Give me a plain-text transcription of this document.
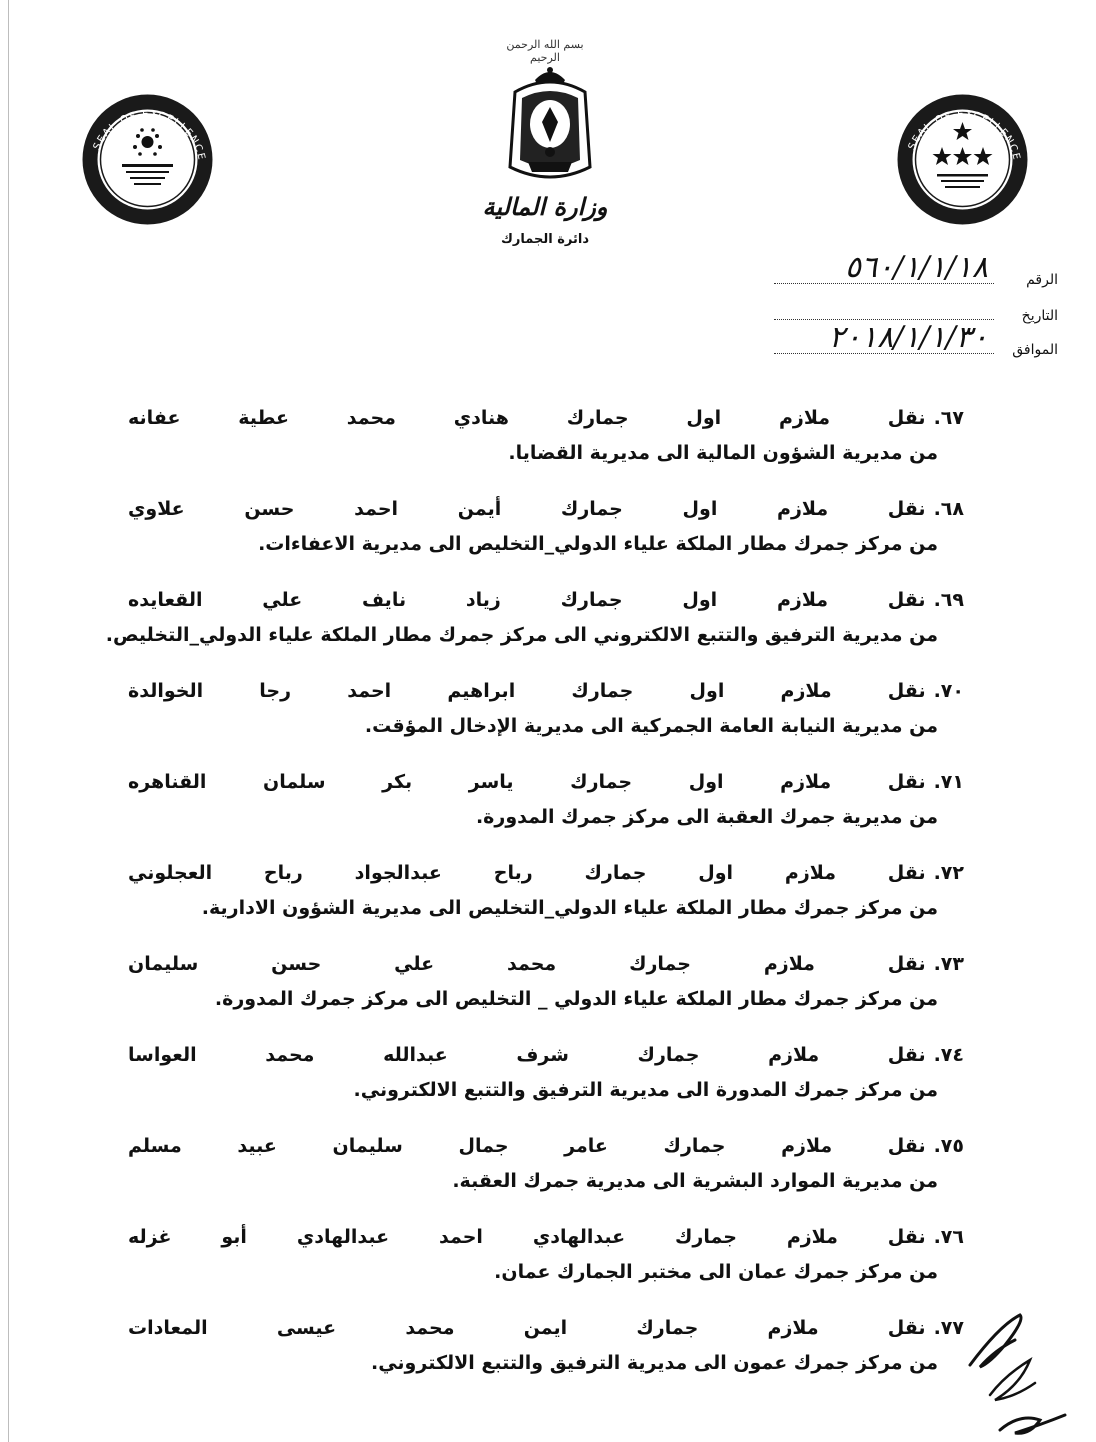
SEAL OF EXCELLENCE
SEAL OF EXCELLENCE
بسم الله الرحمن الرحيم
وزارة المالية
دائرة الجمارك
الرقم
٥٦٠/١/١/١٨
التاريخ
الموافق
٢٠١٨/١/١/٣٠
٦٧.
نقل ملازم اول جمارك هنادي محمد عطية عفانه
من مديرية الشؤون المالية الى مديرية القضايا.
٦٨.
نقل ملازم اول جمارك أيمن احمد حسن علاوي
من مركز جمرك مطار الملكة علياء الدولي_التخليص الى مديرية الاعفاءات.
٦٩.
نقل ملازم اول جمارك زياد نايف علي القعايده
من مديرية الترفيق والتتبع الالكتروني الى مركز جمرك مطار الملكة علياء الدولي_التخليص.
٧٠.
نقل ملازم اول جمارك ابراهيم احمد رجا الخوالدة
من مديرية النيابة العامة الجمركية الى مديرية الإدخال المؤقت.
٧١.
نقل ملازم اول جمارك ياسر بكر سلمان القناهره
من مديرية جمرك العقبة الى مركز جمرك المدورة.
٧٢.
نقل ملازم اول جمارك رباح عبدالجواد رباح العجلوني
من مركز جمرك مطار الملكة علياء الدولي_التخليص الى مديرية الشؤون الادارية.
٧٣.
نقل ملازم جمارك محمد علي حسن سليمان
من مركز جمرك مطار الملكة علياء الدولي _ التخليص الى مركز جمرك المدورة.
٧٤.
نقل ملازم جمارك شرف عبدالله محمد العواسا
من مركز جمرك المدورة الى مديرية الترفيق والتتبع الالكتروني.
٧٥.
نقل ملازم جمارك عامر جمال سليمان عبيد مسلم
من مديرية الموارد البشرية الى مديرية جمرك العقبة.
٧٦.
نقل ملازم جمارك عبدالهادي احمد عبدالهادي أبو غزله
من مركز جمرك عمان الى مختبر الجمارك عمان.
٧٧.
نقل ملازم جمارك ايمن محمد عيسى المعادات
من مركز جمرك عمون الى مديرية الترفيق والتتبع الالكتروني.
